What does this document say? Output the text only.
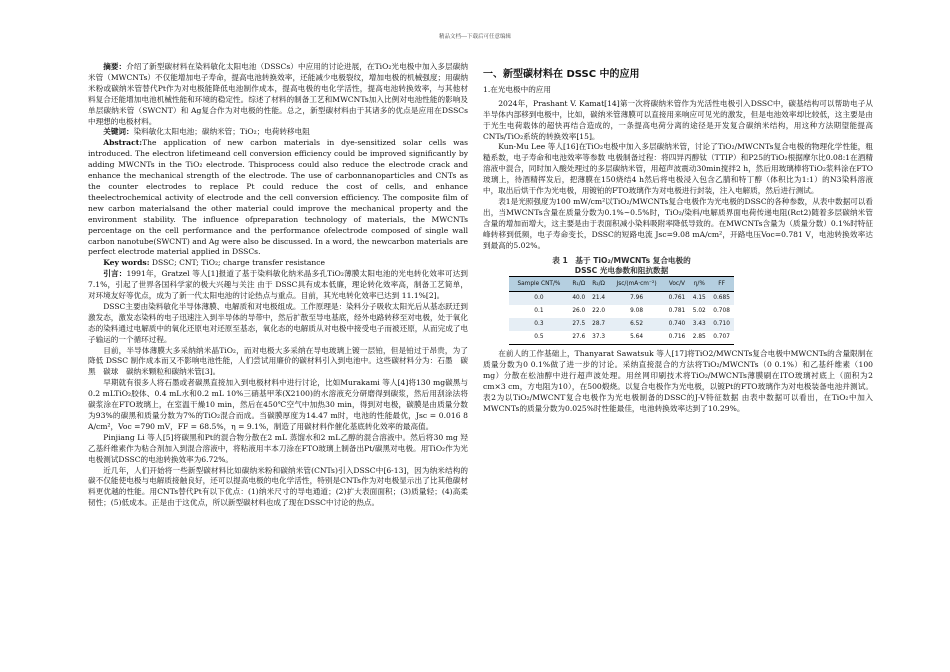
精品文档---下载后可任意编辑

摘要：介绍了新型碳材料在染料敏化太阳电池（DSSCs）中应用的讨论进展，在TiO₂光电极中加入多层碳纳米管（MWCNTs）不仅能增加电子寿命，提高电池转换效率，还能减少电极裂纹，增加电极的机械强度；用碳纳米粉或碳纳米管替代Pt作为对电极能降低电池制作成本，提高电极的电化学活性，提高电池转换效率，与其他材料复合还能增加电池机械性能和环境的稳定性。综述了材料的制备工艺和MWCNTs加入比例对电池性能的影响及单层碳纳米管（SWCNT）和 Ag复合作为对电极的性能。总之，新型碳材料由于其诸多的优点是应用在DSSCs中理想的电极材料。

关键词：染料敏化太阳电池；碳纳米管；TiO₂；电荷转移电阻

Abstract:The application of new carbon materials in dye-sensitized solar cells was introduced. The electron lifetimeand cell conversion efficiency could be improved significantly by adding MWCNTs in the TiO₂ electrode. Thisprocess could also reduce the electrode crack and enhance the mechanical strength of the electrode. The use of carbonnanoparticles and CNTs as the counter electrodes to replace Pt could reduce the cost of cells, and enhance theelectrochemical activity of electrode and the cell conversion efficiency. The composite film of new carbon materialsand the other material could improve the mechanical property and the environment stability. The influence ofpreparation technology of materials, the MWCNTs percentage on the cell performance and the performance ofelectrode composed of single wall carbon nanotube(SWCNT) and Ag were also be discussed. In a word, the newcarbon materials are perfect electrode material applied in DSSCs.

Key words: DSSC; CNT; TiO₂; charge transfer resistance

引言：1991年，Gratzel 等人[1]报道了基于染料敏化纳米晶多孔TiO₂薄膜太阳电池的光电转化效率可达到7.1%，引起了世界各国科学家的极大兴趣与关注 由于 DSSC具有成本低廉，理论转化效率高，制备工艺简单，对环境友好等优点，成为了新一代太阳电池的讨论热点与重点。目前，其光电转化效率已达到 11.1%[2]。

DSSC主要由染料敏化半导体薄膜、电解质和对电极组成。工作原理是：染料分子吸收太阳光后从基态跃迁到激发态，激发态染料的电子迅速注入到半导体的导带中，然后扩散至导电基底，经外电路转移至对电极，处于氧化态的染料通过电解质中的氧化还原电对还原至基态，氧化态的电解质从对电极中接受电子而被还原，从而完成了电子输运的一个循环过程。

目前，半导体薄膜大多采纳纳米晶TiO₂，而对电极大多采纳在导电玻璃上镀一层铂，但是铂过于昂贵，为了降低 DSSC 制作成本而又不影响电池性能，人们尝试用廉价的碳材料引入到电池中。这些碳材料分为：石墨　碳黑　碳球　碳纳米颗粒和碳纳米管[3]。

早期就有很多人将石墨或者碳黑直接加入到电极材料中进行讨论，比如Murakami 等人[4]将130 mg碳黑与0.2 mLTiO₂胶体、0.4 mL水和0.2 mL 10%三硝基甲苯(X2100)的水溶液充分研磨得到碳浆，然后用刮涂法将碳浆涂在FTO玻璃上，在室温干燥10 min，然后在450℃空气中加热30 min，得到对电极，碳膜是由质量分数为93%的碳黑和质量分数为7%的TiO₂混合而成。当碳膜厚度为14.47 m时，电池的性能最优，Jsc = 0.016 8 A/cm²，Voc =790 mV，FF = 68.5%，η = 9.1%，制造了用碳材料作催化基底转化效率的最高值。

Pinjiang Li 等人[5]将碳黑和Pt的混合物分散在2 mL 蒸馏水和2 mL乙醇的混合溶液中。然后将30 mg 羟乙基纤维素作为粘合剂加入到混合溶液中，将粘液用丰本刀涂在FTO玻璃上制备出Pt/碳黑对电极。用TiO₂作为光电极测试DSSC的电池转换效率为6.72%。

近几年，人们开始将一些新型碳材料比如碳纳米粉和碳纳米管(CNTs)引入DSSC中[6-13]，因为纳米结构的碳不仅能使电极与电解质接触良好，还可以提高电极的电化学活性，特别是CNTs作为对电极显示出了比其他碳材料更优越的性能。用CNTs替代Pt有以下优点：(1)纳米尺寸的导电通道；(2)扩大表面面积；(3)质量轻；(4)高柔韧性；(5)低成本。正是由于这优点，所以新型碳材料也成了现在DSSC中讨论的热点。

一、新型碳材料在 DSSC 中的应用
1.在光电极中的应用

2024年，Prashant V. Kamat[14]第一次将碳纳米管作为光活性电极引入DSSC中，碳基结构可以帮助电子从半导体内部移到电极中，比如，碳纳米管薄膜可以直接用来响应可见光的激发，但是电池效率却比较低，这主要是由于光生电荷载体的超快再结合造成的，一条提高电荷分离的途径是开发复合碳纳米结构，用这种方法期望能提高CNTs/TiO₂系统的转换效率[15]。

Kun-Mu Lee 等人[16]在TiO₂电极中加入多层碳纳米管，讨论了TiO₂/MWCNTs复合电极的物理化学性能，粗糙系数，电子寿命和电池效率等参数 电极制备过程：将四异丙醇钛（TTIP）和P25的TiO₂根据摩尔比0.08:1在酒精溶液中混合，同时加入酸处理过的多层碳纳米管，用超声波震动30min搅拌2 h，然后用玻璃棒将TiO₂浆料涂在FTO玻璃上，待酒精挥发后，把薄膜在150烧结4 h然后将电极浸入包含乙腈和特丁醇（体积比为1:1）的N3染料溶液中，取出后烘干作为光电极，用镀铂的FTO玻璃作为对电极进行封装，注入电解质，然后进行测试。

表1是光照强度为100 mW/cm²以TiO₂/MWCNTs复合电极作为光电极的DSSC的各种参数，从表中数据可以看出，当MWCNTs含量在质量分数为0.1%~0.5%时，TiO₂/染料/电解质界面电荷传递电阻(Rct2)随着多层碳纳米管含量的增加而增大，这主要是由于表面积减小染料吸附率降低导致的。在MWCNTs含量为（质量分数）0.1%时特征峰转移到低频，电子寿命变长，DSSC的短路电流 Jsc=9.08 mA/cm²，开路电压Voc=0.781 V，电池转换效率达到最高的5.02%。

表 1　基于 TiO₂/MWCNTs 复合电极的
DSSC 光电参数和阻抗数据
Sample CNT/%	R₁/Ω	R₂/Ω	Jsc/(mA·cm⁻²)	Voc/V	η/%	FF
0.0	40.0	21.4	7.96	0.761	4.15	0.685
0.1	26.0	22.0	9.08	0.781	5.02	0.708
0.3	27.5	28.7	6.52	0.740	3.43	0.710
0.5	27.6	37.3	5.64	0.716	2.85	0.707

在前人的工作基础上，Thanyarat Sawatsuk 等人[17]将TiO2/MWCNTs复合电极中MWCNTs的含量限制在质量分数为0 0.1%做了进一步的讨论。采纳直接混合的方法将TiO₂/MWCNTs（0 0.1%）和乙基纤维素（100 mg）分散在松油醇中进行超声波处理。用丝网印刷技术将TiO₂/MWCNTs薄膜刷在ITO玻璃衬底上（面积为2 cm×3 cm，方电阻为10），在500煅烧。以复合电极作为光电极，以镀Pt的FTO玻璃作为对电极装备电池并测试。表2为以TiO₂/MWCNT复合电极作为光电极制备的DSSC的J-V特征数据 由表中数据可以看出，在TiO₂中加入MWCNTs的质量分数为0.025%时性能最佳，电池转换效率达到了10.29%。
